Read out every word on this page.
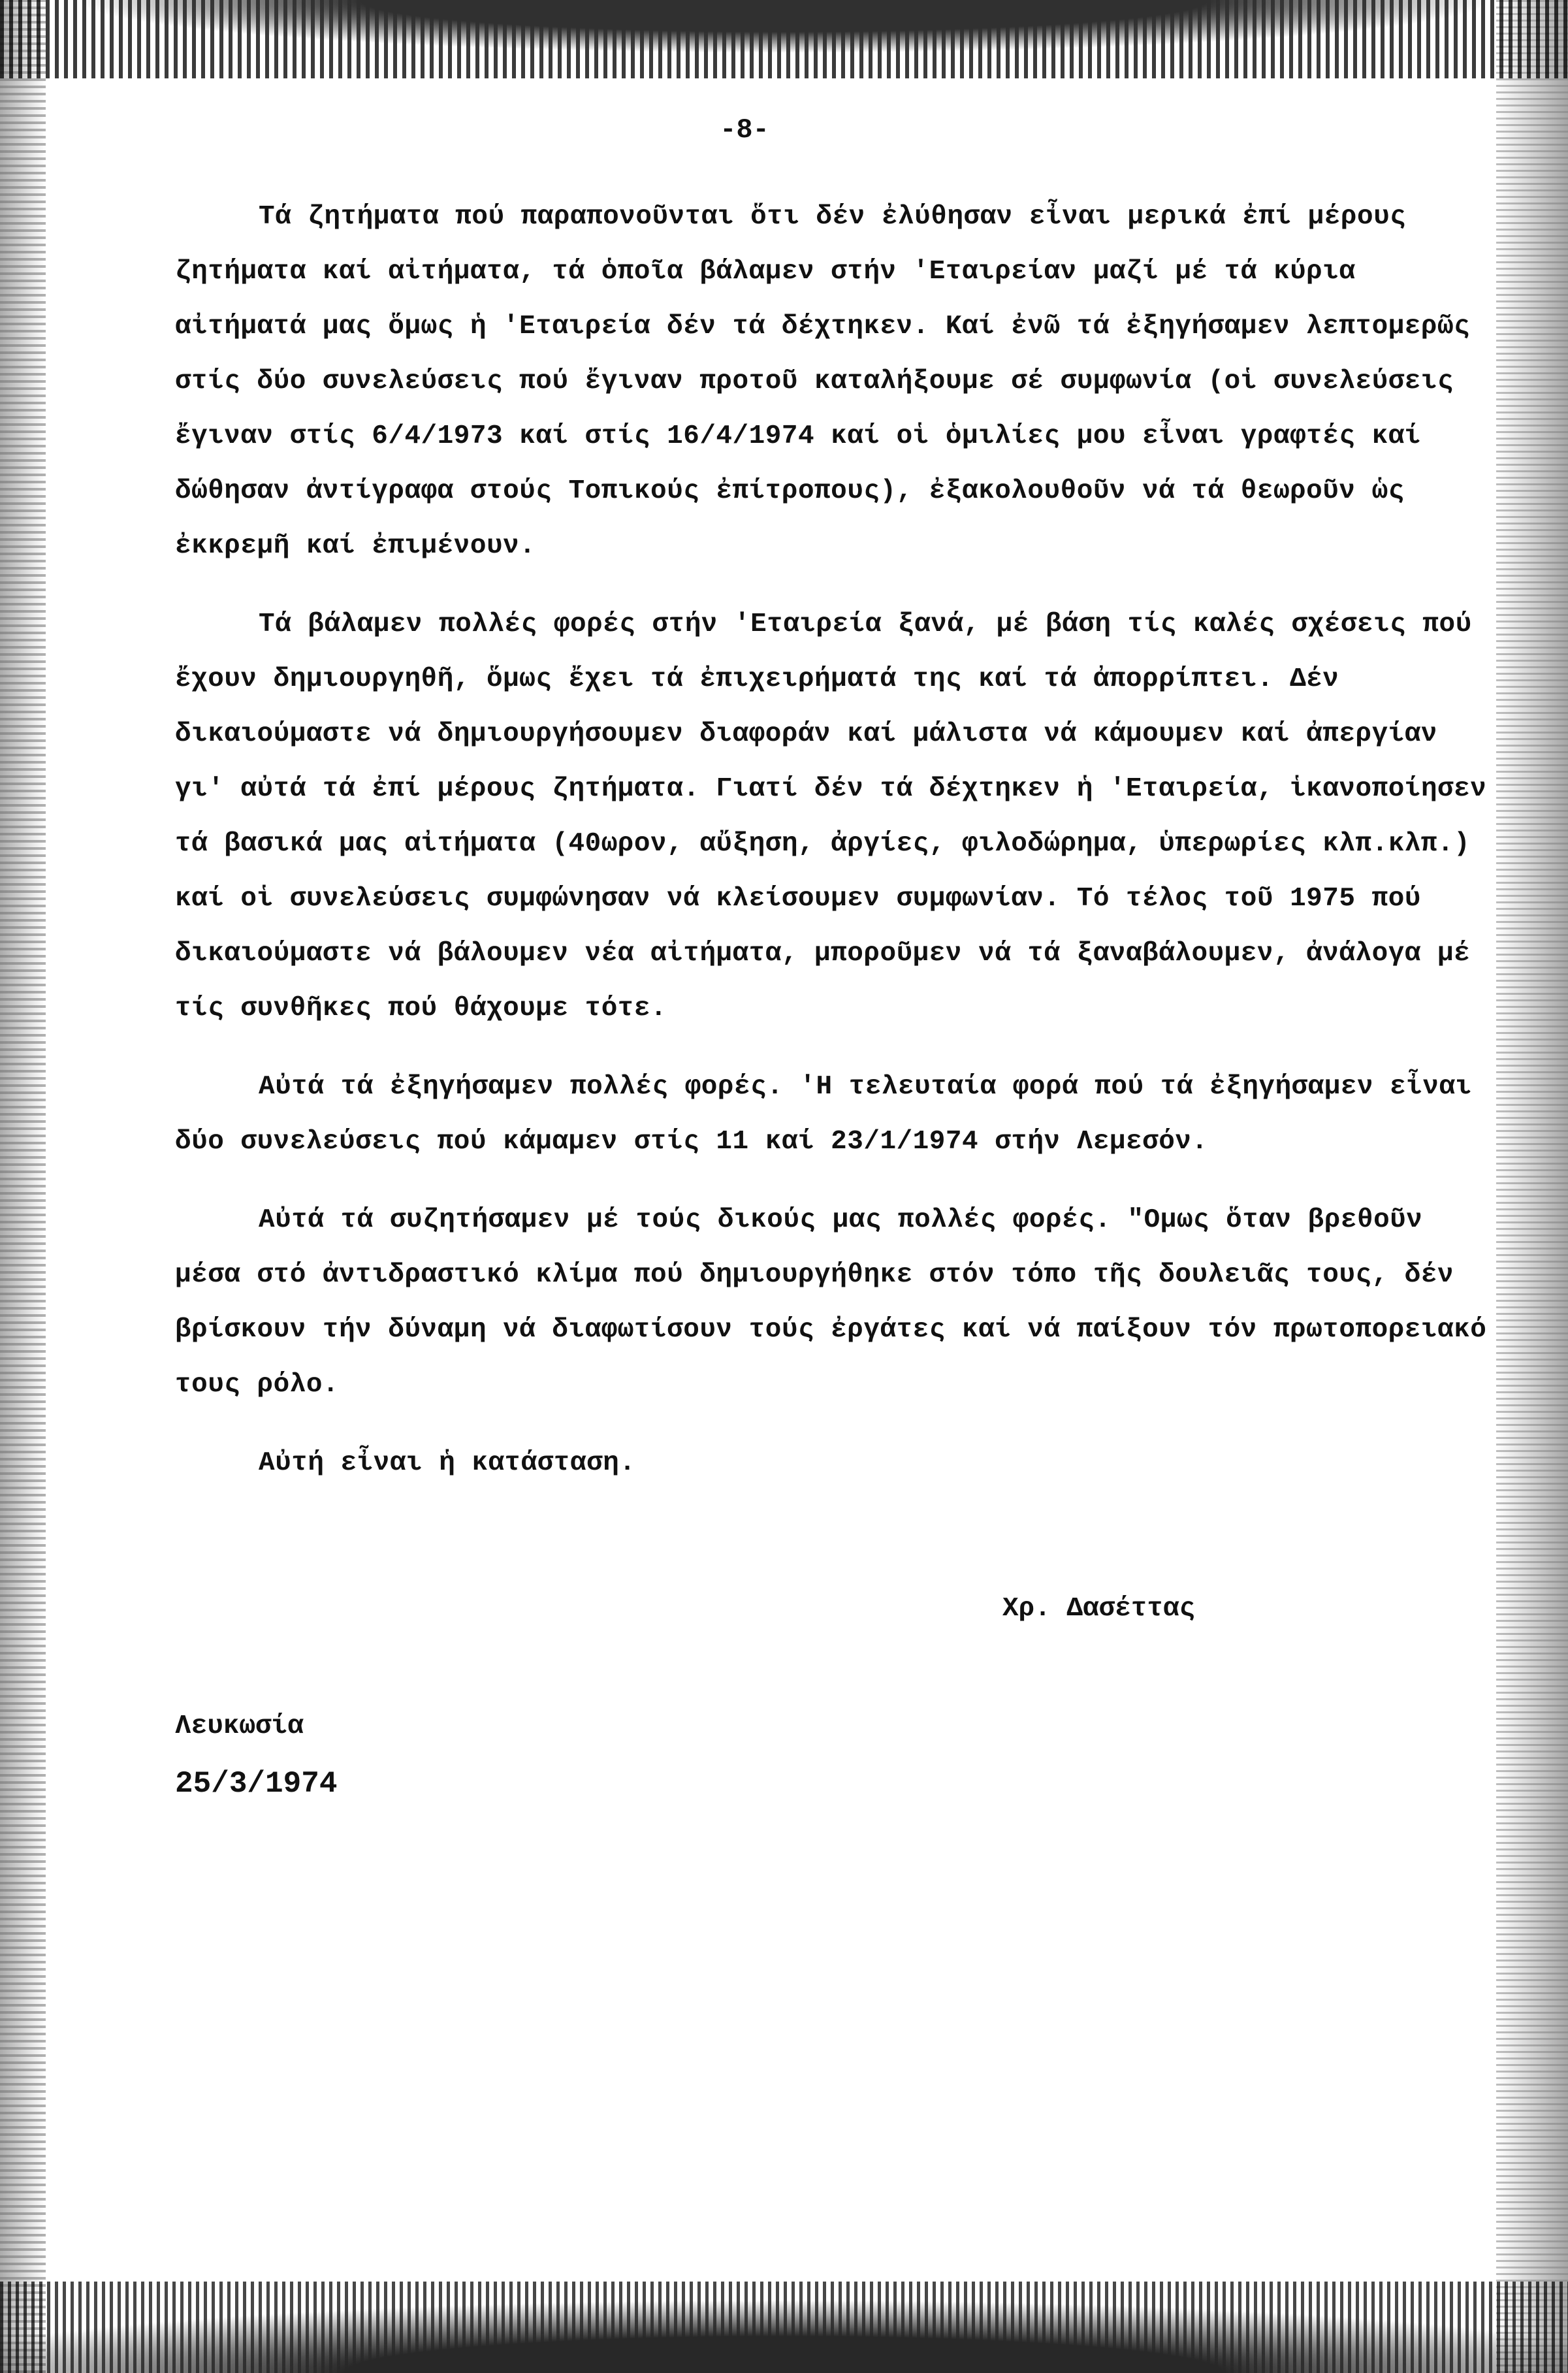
-8-

Τά ζητήματα πού παραπονοῦνται ὅτι δέν ἐλύθησαν εἶναι μερικά ἐπί μέρους ζητήματα καί αἰτήματα, τά ὁποῖα βάλαμεν στήν 'Εταιρείαν μαζί μέ τά κύρια αἰτήματά μας ὅμως ἡ 'Εταιρεία δέν τά δέχτηκεν. Καί ἐνῶ τά ἐξηγήσαμεν λεπτομερῶς στίς δύο συνελεύσεις πού ἔγιναν προτοῦ καταλήξουμε σέ συμφωνία (οἱ συνελεύσεις ἔγιναν στίς 6/4/1973 καί στίς 16/4/1974 καί οἱ ὁμιλίες μου εἶναι γραφτές καί δώθησαν ἀντίγραφα στούς Τοπικούς ἐπίτροπους), ἐξακολουθοῦν νά τά θεωροῦν ὡς ἐκκρεμῆ καί ἐπιμένουν.

Τά βάλαμεν πολλές φορές στήν 'Εταιρεία ξανά, μέ βάση τίς καλές σχέσεις πού ἔχουν δημιουργηθῆ, ὅμως ἔχει τά ἐπιχειρήματά της καί τά ἀπορρίπτει. Δέν δικαιούμαστε νά δημιουργήσουμεν διαφοράν καί μάλιστα νά κάμουμεν καί ἀπεργίαν γι' αὐτά τά ἐπί μέρους ζητήματα. Γιατί δέν τά δέχτηκεν ἡ 'Εταιρεία, ἱκανοποίησεν τά βασικά μας αἰτήματα (40ωρον, αὔξηση, ἀργίες, φιλοδώρημα, ὑπερωρίες κλπ.κλπ.) καί οἱ συνελεύσεις συμφώνησαν νά κλείσουμεν συμφωνίαν. Τό τέλος τοῦ 1975 πού δικαιούμαστε νά βάλουμεν νέα αἰτήματα, μποροῦμεν νά τά ξαναβάλουμεν, ἀνάλογα μέ τίς συνθῆκες πού θάχουμε τότε.

Αὐτά τά ἐξηγήσαμεν πολλές φορές. 'Η τελευταία φορά πού τά ἐξηγήσαμεν εἶναι δύο συνελεύσεις πού κάμαμεν στίς 11 καί 23/1/1974 στήν Λεμεσόν.

Αὐτά τά συζητήσαμεν μέ τούς δικούς μας πολλές φορές. "Ομως ὅταν βρεθοῦν μέσα στό ἀντιδραστικό κλίμα πού δημιουργήθηκε στόν τόπο τῆς δουλειᾶς τους, δέν βρίσκουν τήν δύναμη νά διαφωτίσουν τούς ἐργάτες καί νά παίξουν τόν πρωτοπορειακό τους ρόλο.

Αὐτή εἶναι ἡ κατάσταση.

Χρ. Δασέττας
Λευκωσία
25/3/1974
